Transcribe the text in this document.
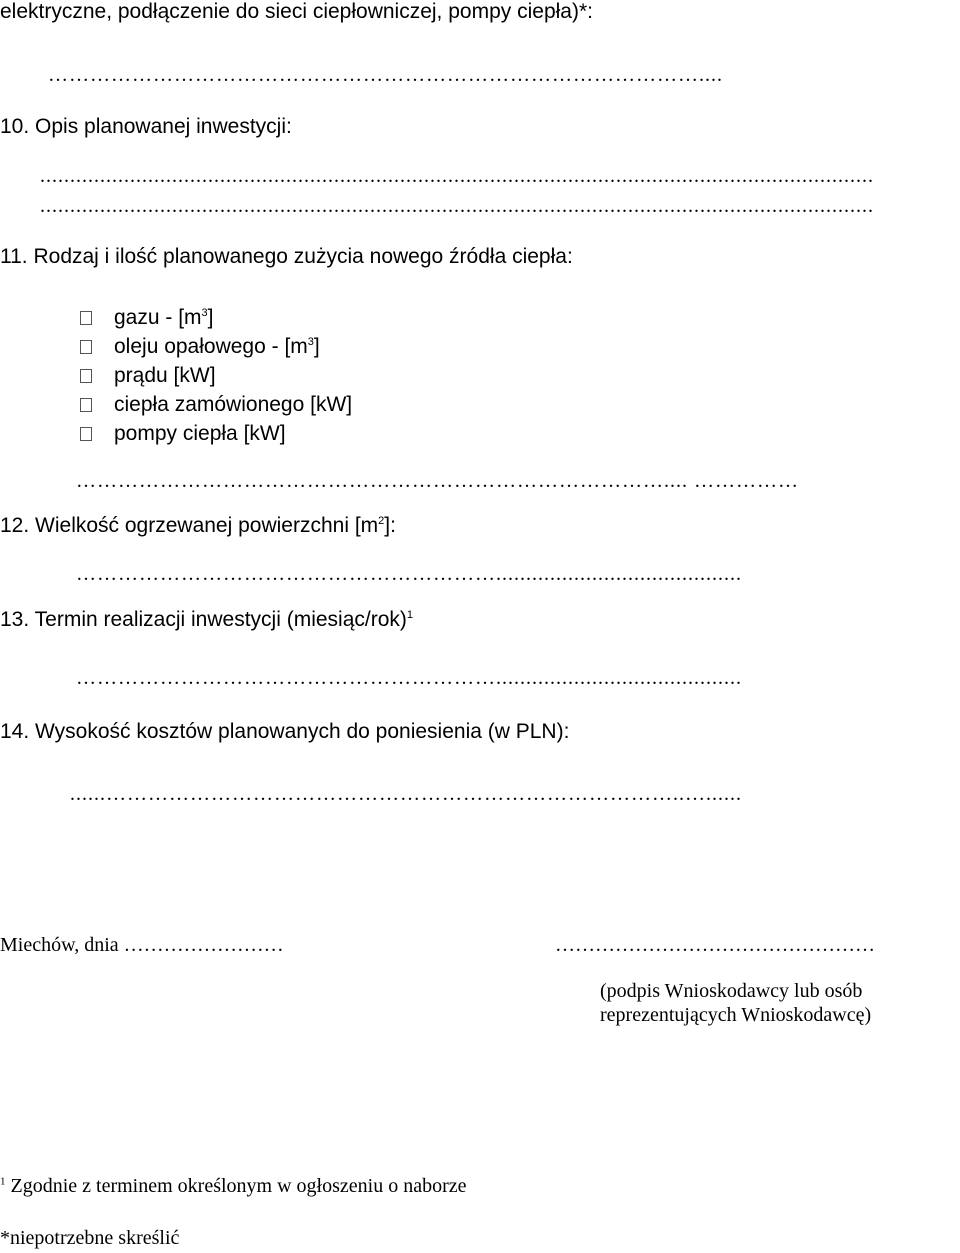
elektryczne, podłączenie do sieci ciepłowniczej, pompy ciepła)*:
…………………………………………………………………………………....
10. Opis planowanej inwestycji:
...........................................................................................................................................
...........................................................................................................................................
11. Rodzaj i ilość planowanego zużycia nowego źródła ciepła:
gazu - $[m^3]$
oleju opałowego - $[m^3]$
prądu [kW]
ciepła zamówionego [kW]
pompy ciepła [kW]
………………………………………………………………………….... ……………
12. Wielkość ogrzewanej powierzchni $[m^2]$:
…………………………………………………….........................................
13. Termin realizacji inwestycji (miesiąc/rok)$^1$
…………………………………………………….........................................
14. Wysokość kosztów planowanych do poniesienia (w PLN):
......………………………………………………………………………..…......
Miechów, dnia ……………………	…………………………………………
(podpis Wnioskodawcy lub osób
reprezentujących Wnioskodawcę)
$^1$ Zgodnie z terminem określonym w ogłoszeniu o naborze
*niepotrzebne skreślić
